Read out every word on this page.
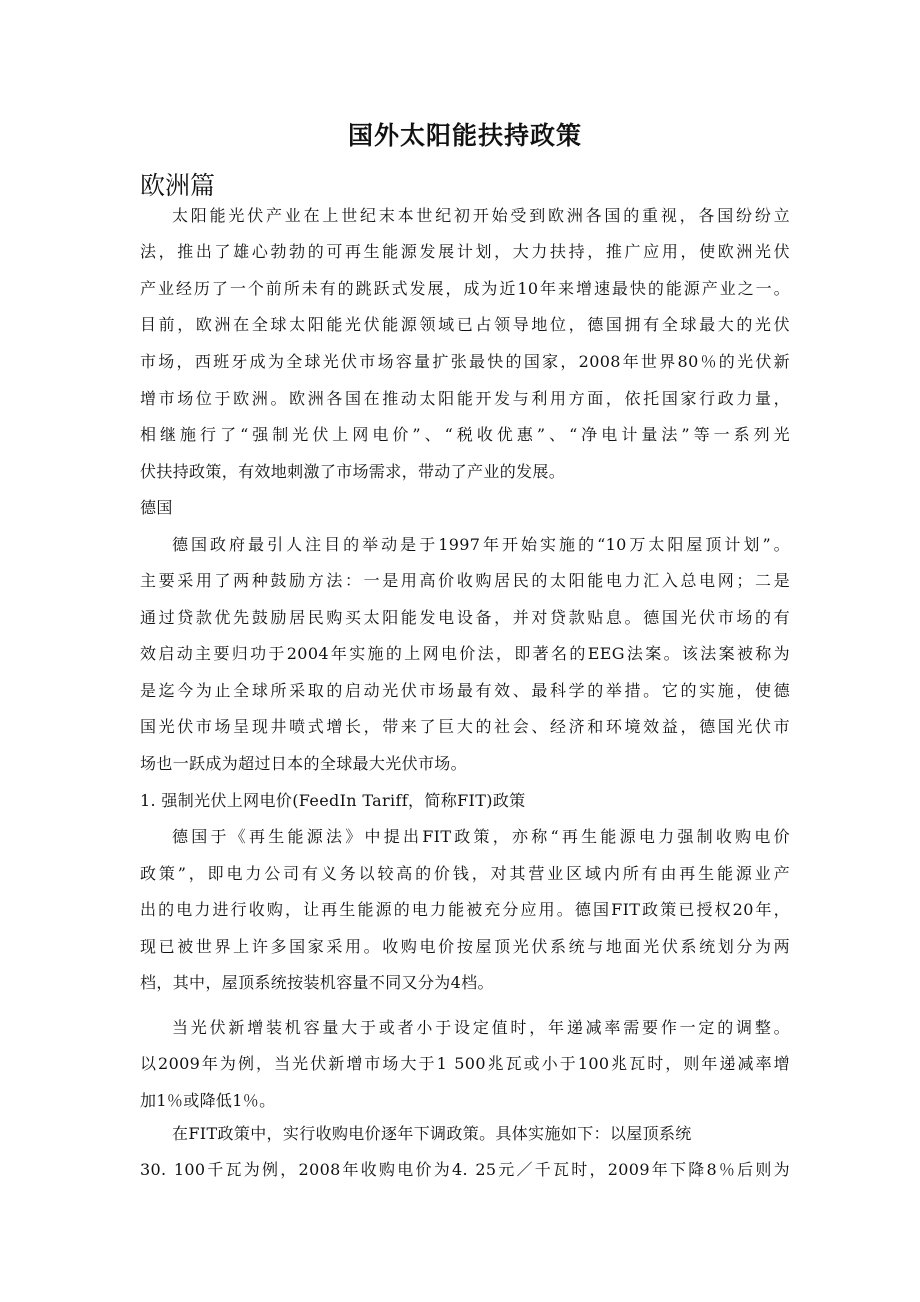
国外太阳能扶持政策
欧洲篇
太阳能光伏产业在上世纪末本世纪初开始受到欧洲各国的重视，各国纷纷立
法，推出了雄心勃勃的可再生能源发展计划，大力扶持，推广应用，使欧洲光伏
产业经历了一个前所未有的跳跃式发展，成为近10年来增速最快的能源产业之一。
目前，欧洲在全球太阳能光伏能源领域已占领导地位，德国拥有全球最大的光伏
市场，西班牙成为全球光伏市场容量扩张最快的国家，2008年世界80％的光伏新
增市场位于欧洲。欧洲各国在推动太阳能开发与利用方面，依托国家行政力量，
相继施行了“强制光伏上网电价”、“税收优惠”、“净电计量法”等一系列光
伏扶持政策，有效地刺激了市场需求，带动了产业的发展。
德国
德国政府最引人注目的举动是于1997年开始实施的“10万太阳屋顶计划”。
主要采用了两种鼓励方法：一是用高价收购居民的太阳能电力汇入总电网；二是
通过贷款优先鼓励居民购买太阳能发电设备，并对贷款贴息。德国光伏市场的有
效启动主要归功于2004年实施的上网电价法，即著名的EEG法案。该法案被称为
是迄今为止全球所采取的启动光伏市场最有效、最科学的举措。它的实施，使德
国光伏市场呈现井喷式增长，带来了巨大的社会、经济和环境效益，德国光伏市
场也一跃成为超过日本的全球最大光伏市场。
1. 强制光伏上网电价(FeedIn Tariff，简称FIT)政策
德国于《再生能源法》中提出FIT政策，亦称“再生能源电力强制收购电价
政策”，即电力公司有义务以较高的价钱，对其营业区域内所有由再生能源业产
出的电力进行收购，让再生能源的电力能被充分应用。德国FIT政策已授权20年，
现已被世界上许多国家采用。收购电价按屋顶光伏系统与地面光伏系统划分为两
档，其中，屋顶系统按装机容量不同又分为4档。
当光伏新增装机容量大于或者小于设定值时，年递减率需要作一定的调整。
以2009年为例，当光伏新增市场大于1 500兆瓦或小于100兆瓦时，则年递减率增
加1％或降低1％。
在FIT政策中，实行收购电价逐年下调政策。具体实施如下：以屋顶系统
30. 100千瓦为例，2008年收购电价为4. 25元／千瓦时，2009年下降8％后则为
